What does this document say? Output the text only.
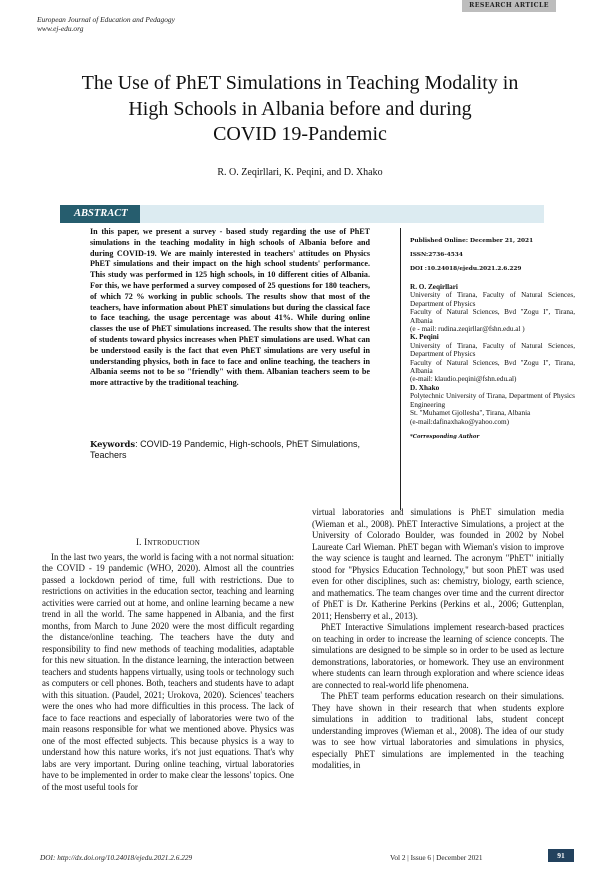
RESEARCH ARTICLE
European Journal of Education and Pedagogy
www.ej-edu.org
The Use of PhET Simulations in Teaching Modality in
High Schools in Albania before and during
COVID 19-Pandemic
R. O. Zeqirllari, K. Peqini, and D. Xhako
ABSTRACT
In this paper, we present a survey - based study regarding the use of PhET simulations in the teaching modality in high schools of Albania before and during COVID-19. We are mainly interested in teachers' attitudes on Physics PhET simulations and their impact on the high school students' performance. This study was performed in 125 high schools, in 10 different cities of Albania. For this, we have performed a survey composed of 25 questions for 180 teachers, of which 72 % working in public schools. The results show that most of the teachers, have information about PhET simulations but during the classical face to face teaching, the usage percentage was about 41%. While during online classes the use of PhET simulations increased. The results show that the interest of students toward physics increases when PhET simulations are used. What can be understood easily is the fact that even PhET simulations are very useful in understanding physics, both in face to face and online teaching, the teachers in Albania seems not to be so "friendly" with them. Albanian teachers seem to be more attractive by the traditional teaching.
Keywords: COVID-19 Pandemic, High-schools, PhET Simulations, Teachers
Published Online: December 21, 2021
ISSN:2736-4534
DOI :10.24018/ejedu.2021.2.6.229
R. O. Zeqirllari
University of Tirana, Faculty of Natural Sciences, Department of Physics
Faculty of Natural Sciences, Bvd "Zogu I", Tirana, Albania
(e - mail: rudina.zeqirllar@fshn.edu.al )
K. Peqini
University of Tirana, Faculty of Natural Sciences, Department of Physics
Faculty of Natural Sciences, Bvd "Zogu I", Tirana, Albania
(e-mail: klaudio.peqini@fshn.edu.al)
D. Xhako
Polytechnic University of Tirana, Department of Physics Engineering
St. "Muhamet Gjollesha", Tirana, Albania
(e-mail:dafinaxhako@yahoo.com)
*Corresponding Author
I. INTRODUCTION

In the last two years, the world is facing with a not normal situation: the COVID - 19 pandemic (WHO, 2020). Almost all the countries passed a lockdown period of time, full with restrictions. Due to restrictions on activities in the education sector, teaching and learning activities were carried out at home, and online learning became a new trend in all the world. The same happened in Albania, and the first months, from March to June 2020 were the most difficult regarding the distance/online teaching. The teachers have the duty and responsibility to find new methods of teaching modalities, adaptable for this new situation. In the distance learning, the interaction between teachers and students happens virtually, using tools or technology such as computers or cell phones. Both, teachers and students have to adapt with this situation. (Paudel, 2021; Urokova, 2020). Sciences' teachers were the ones who had more difficulties in this process. The lack of face to face reactions and especially of laboratories were two of the main reasons responsible for what we mentioned above. Physics was one of the most effected subjects. This because physics is a way to understand how this nature works, it's not just equations. That's why labs are very important. During online teaching, virtual laboratories have to be implemented in order to make clear the lessons' topics. One of the most useful tools for

virtual laboratories and simulations is PhET simulation media (Wieman et al., 2008). PhET Interactive Simulations, a project at the University of Colorado Boulder, was founded in 2002 by Nobel Laureate Carl Wieman. PhET began with Wieman's vision to improve the way science is taught and learned. The acronym "PhET" initially stood for "Physics Education Technology," but soon PhET was used even for other disciplines, such as: chemistry, biology, earth science, and mathematics. The team changes over time and the current director of PhET is Dr. Katherine Perkins (Perkins et al., 2006; Guttenplan, 2011; Hensberry et al., 2013).

PhET Interactive Simulations implement research-based practices on teaching in order to increase the learning of science concepts. The simulations are designed to be simple so in order to be used as lecture demonstrations, laboratories, or homework. They use an environment where students can learn through exploration and where science ideas are connected to real-world life phenomena.

The PhET team performs education research on their simulations. They have shown in their research that when students explore simulations in addition to traditional labs, student concept understanding improves (Wieman et al., 2008). The idea of our study was to see how virtual laboratories and simulations in physics, especially PhET simulations are implemented in the teaching modalities, in

DOI: http://dx.doi.org/10.24018/ejedu.2021.2.6.229	Vol 2 | Issue 6 | December 2021	91
